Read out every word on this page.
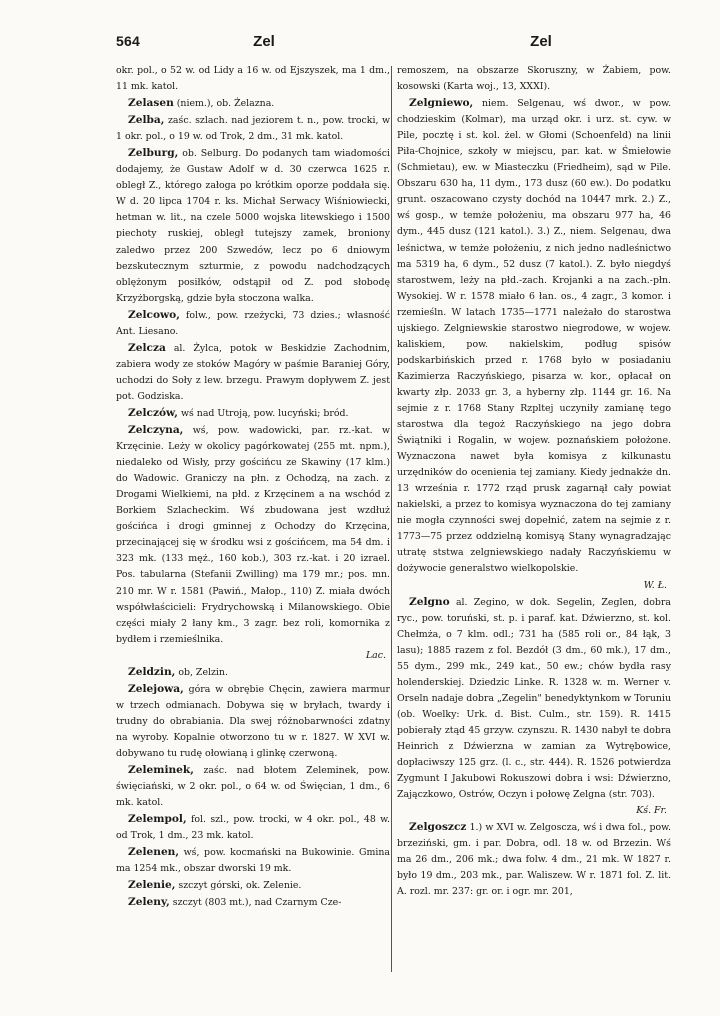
564	Zel	Zel

okr. pol., o 52 w. od Lidy a 16 w. od Ejszyszek, ma 1 dm., 11 mk. katol.

Zelasen (niem.), ob. Żelazna.

Zelba, zaśc. szlach. nad jeziorem t. n., pow. trocki, w 1 okr. pol., o 19 w. od Trok, 2 dm., 31 mk. katol.

Zelburg, ob. Selburg. Do podanych tam wiadomości dodajemy, że Gustaw Adolf w d. 30 czerwca 1625 r. obległ Z., którego załoga po krótkim oporze poddała się. W d. 20 lipca 1704 r. ks. Michał Serwacy Wiśniowiecki, hetman w. lit., na czele 5000 wojska litewskiego i 1500 piechoty ruskiej, obległ tutejszy zamek, broniony zaledwo przez 200 Szwedów, lecz po 6 dniowym bezskutecznym szturmie, z powodu nadchodzących oblężonym posiłków, odstąpił od Z. pod słobodę Krzyżborgską, gdzie była stoczona walka.

Zelcowo, folw., pow. rzeżycki, 73 dzies.; własność Ant. Liesano.

Zelcza al. Żylca, potok w Beskidzie Zachodnim, zabiera wody ze stoków Magóry w paśmie Baraniej Góry, uchodzi do Soły z lew. brzegu. Prawym dopływem Z. jest pot. Godziska.

Zelczów, wś nad Utroją, pow. lucyński; bród.

Zelczyna, wś, pow. wadowicki, par. rz.-kat. w Krzęcinie. Leży w okolicy pagórkowatej (255 mt. npm.), niedaleko od Wisły, przy gościńcu ze Skawiny (17 klm.) do Wadowic. Graniczy na płn. z Ochodzą, na zach. z Drogami Wielkiemi, na płd. z Krzęcinem a na wschód z Borkiem Szlacheckim. Wś zbudowana jest wzdłuż gościńca i drogi gminnej z Ochodzy do Krzęcina, przecinającej się w środku wsi z gościńcem, ma 54 dm. i 323 mk. (133 męż., 160 kob.), 303 rz.-kat. i 20 izrael. Pos. tabularna (Stefanii Zwilling) ma 179 mr.; pos. mn. 210 mr. W r. 1581 (Pawiń., Małop., 110) Z. miała dwóch współwłaścicieli: Frydrychowską i Milanowskiego. Obie części miały 2 łany km., 3 zagr. bez roli, komornika z bydłem i rzemieślnika.
Lac.

Zeldzin, ob, Zelzin.

Zelejowa, góra w obrębie Chęcin, zawiera marmur w trzech odmianach. Dobywa się w bryłach, twardy i trudny do obrabiania. Dla swej różnobarwności zdatny na wyroby. Kopalnie otworzono tu w r. 1827. W XVI w. dobywano tu rudę ołowianą i glinkę czerwoną.

Zeleminek, zaśc. nad błotem Zeleminek, pow. święciański, w 2 okr. pol., o 64 w. od Święcian, 1 dm., 6 mk. katol.

Zelempol, fol. szl., pow. trocki, w 4 okr. pol., 48 w. od Trok, 1 dm., 23 mk. katol.

Zelenen, wś, pow. kocmański na Bukowinie. Gmina ma 1254 mk., obszar dworski 19 mk.

Zelenie, szczyt górski, ok. Zelenie.

Zeleny, szczyt (803 mt.), nad Czarnym Cze-

remoszem, na obszarze Skoruszny, w Żabiem, pow. kosowski (Karta woj., 13, XXXI).

Zelgniewo, niem. Selgenau, wś dwor., w pow. chodzieskim (Kolmar), ma urząd okr. i urz. st. cyw. w Pile, pocztę i st. kol. żel. w Głomi (Schoenfeld) na linii Piła-Chojnice, szkoły w miejscu, par. kat. w Śmiełowie (Schmietau), ew. w Miasteczku (Friedheim), sąd w Pile. Obszaru 630 ha, 11 dym., 173 dusz (60 ew.). Do podatku grunt. oszacowano czysty dochód na 10447 mrk. 2.) Z., wś gosp., w temże położeniu, ma obszaru 977 ha, 46 dym., 445 dusz (121 katol.). 3.) Z., niem. Selgenau, dwa leśnictwa, w temże położeniu, z nich jedno nadleśnictwo ma 5319 ha, 6 dym., 52 dusz (7 katol.). Z. było niegdyś starostwem, leży na płd.-zach. Krojanki a na zach.-płn. Wysokiej. W r. 1578 miało 6 łan. os., 4 zagr., 3 komor. i rzemieśln. W latach 1735—1771 należało do starostwa ujskiego. Zelgniewskie starostwo niegrodowe, w wojew. kaliskiem, pow. nakielskim, podług spisów podskarbińskich przed r. 1768 było w posiadaniu Kazimierza Raczyńskiego, pisarza w. kor., opłacał on kwarty złp. 2033 gr. 3, a hyberny złp. 1144 gr. 16. Na sejmie z r. 1768 Stany Rzpltej uczyniły zamianę tego starostwa dla tegoż Raczyńskiego na jego dobra Świątniki i Rogalin, w wojew. poznańskiem położone. Wyznaczona nawet była komisya z kilkunastu urzędników do ocenienia tej zamiany. Kiedy jednakże dn. 13 września r. 1772 rząd prusk zagarnął cały powiat nakielski, a przez to komisya wyznaczona do tej zamiany nie mogła czynności swej dopełnić, zatem na sejmie z r. 1773—75 przez oddzielną komisyą Stany wynagradzając utratę ststwa zelgniewskiego nadały Raczyńskiemu w dożywocie generalstwo wielkopolskie.
W. Ł.

Zelgno al. Zegino, w dok. Segelin, Zeglen, dobra ryc., pow. toruński, st. p. i paraf. kat. Dźwierzno, st. kol. Chełmża, o 7 klm. odl.; 731 ha (585 roli or., 84 łąk, 3 lasu); 1885 razem z fol. Bezdół (3 dm., 60 mk.), 17 dm., 55 dym., 299 mk., 249 kat., 50 ew.; chów bydła rasy holenderskiej. Dziedzic Linke. R. 1328 w. m. Werner v. Orseln nadaje dobra „Zegelin" benedyktynkom w Toruniu (ob. Woelky: Urk. d. Bist. Culm., str. 159). R. 1415 pobierały ztąd 45 grzyw. czynszu. R. 1430 nabył te dobra Heinrich z Dźwierzna w zamian za Wytrębowice, dopłaciwszy 125 grz. (l. c., str. 444). R. 1526 potwierdza Zygmunt I Jakubowi Rokuszowi dobra i wsi: Dźwierzno, Zajączkowo, Ostrów, Oczyn i połowę Zelgna (str. 703).
Kś. Fr.

Zelgoszcz 1.) w XVI w. Zelgoscza, wś i dwa fol., pow. brzeziński, gm. i par. Dobra, odl. 18 w. od Brzezin. Wś ma 26 dm., 206 mk.; dwa folw. 4 dm., 21 mk. W 1827 r. było 19 dm., 203 mk., par. Waliszew. W r. 1871 fol. Z. lit. A. rozl. mr. 237: gr. or. i ogr. mr. 201,
